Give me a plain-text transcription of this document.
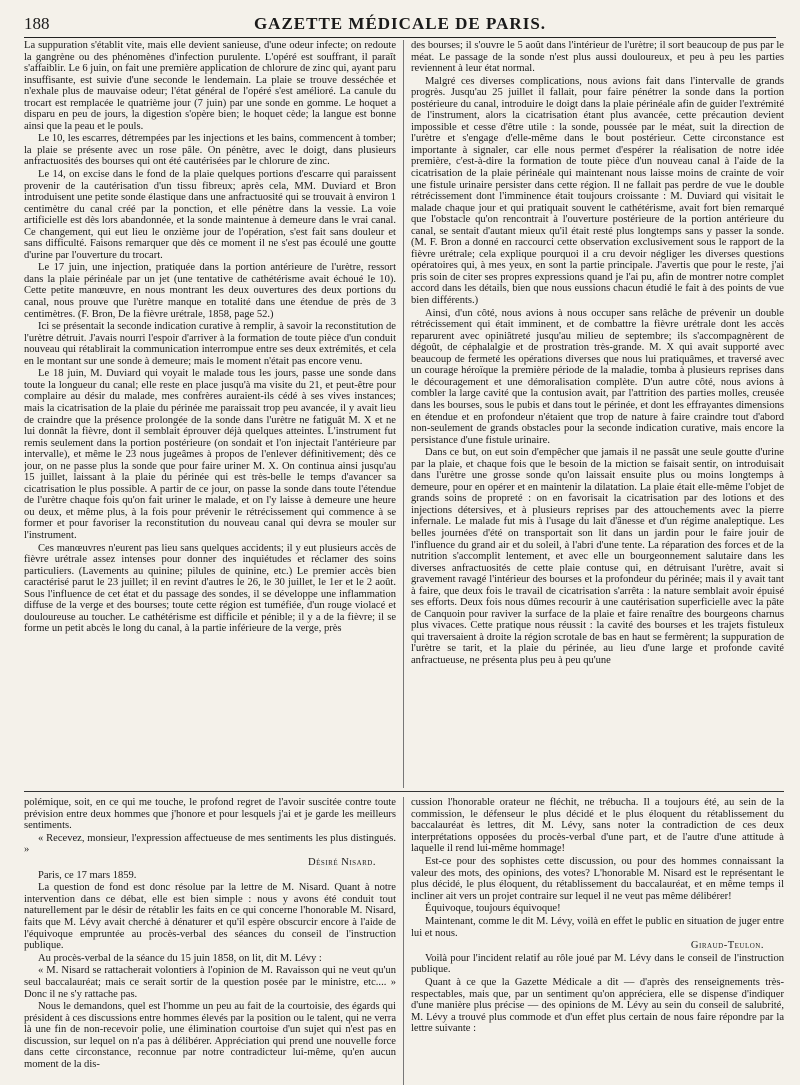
188	GAZETTE MÉDICALE DE PARIS.

La suppuration s'établit vite, mais elle devient sanieuse, d'une odeur infecte; on redoute la gangrène ou des phénomènes d'infection purulente. L'opéré est souffrant, il paraît s'affaiblir. Le 6 juin, on fait une première application de chlorure de zinc qui, ayant paru insuffisante, est suivie d'une seconde le lendemain. La plaie se trouve desséchée et n'exhale plus de mauvaise odeur; l'état général de l'opéré s'est amélioré. La canule du trocart est remplacée le quatrième jour (7 juin) par une sonde en gomme. Le hoquet a disparu en peu de jours, la digestion s'opère bien; le hoquet cède; la langue est bonne ainsi que la peau et le pouls.

Le 10, les escarres, détrempées par les injections et les bains, commencent à tomber; la plaie se présente avec un rose pâle. On pénètre, avec le doigt, dans plusieurs anfractuosités des bourses qui ont été cautérisées par le chlorure de zinc.

Le 14, on excise dans le fond de la plaie quelques portions d'escarre qui paraissent provenir de la cautérisation d'un tissu fibreux; après cela, MM. Duviard et Bron introduisent une petite sonde élastique dans une anfractuosité qui se trouvait à environ 1 centimètre du canal créé par la ponction, et elle pénètre dans la vessie. La voie artificielle est dès lors abandonnée, et la sonde maintenue à demeure dans le vrai canal. Ce changement, qui eut lieu le onzième jour de l'opération, s'est fait sans douleur et sans difficulté. Faisons remarquer que dès ce moment il ne s'est pas écoulé une goutte d'urine par l'ouverture du trocart.

Le 17 juin, une injection, pratiquée dans la portion antérieure de l'urètre, ressort dans la plaie périnéale par un jet (une tentative de cathétérisme avait échoué le 10). Cette petite manœuvre, en nous montrant les deux ouvertures des deux portions du canal, nous prouve que l'urètre manque en totalité dans une étendue de près de 3 centimètres. (F. Bron, De la fièvre urétrale, 1858, page 52.)

Ici se présentait la seconde indication curative à remplir, à savoir la reconstitution de l'urètre détruit. J'avais nourri l'espoir d'arriver à la formation de toute pièce d'un conduit nouveau qui rétablirait la communication interrompue entre ses deux extrémités, et cela en le montant sur une sonde à demeure; mais le moment n'était pas encore venu.

Le 18 juin, M. Duviard qui voyait le malade tous les jours, passe une sonde dans toute la longueur du canal; elle reste en place jusqu'à ma visite du 21, et peut-être pour complaire au désir du malade, mes confrères auraient-ils cédé à ses vives instances; mais la cicatrisation de la plaie du périnée me paraissait trop peu avancée, il y avait lieu de craindre que la présence prolongée de la sonde dans l'urètre ne fatiguât M. X et ne lui donnât la fièvre, dont il semblait éprouver déjà quelques atteintes. L'instrument fut remis seulement dans la portion postérieure (on sondait et l'on injectait l'antérieure par intervalle), et même le 23 nous jugeâmes à propos de l'enlever définitivement; dès ce jour, on ne passe plus la sonde que pour faire uriner M. X. On continua ainsi jusqu'au 15 juillet, laissant à la plaie du périnée qui est très-belle le temps d'avancer sa cicatrisation le plus possible. A partir de ce jour, on passe la sonde dans toute l'étendue de l'urètre chaque fois qu'on fait uriner le malade, et on l'y laisse à demeure une heure ou deux, et même plus, à la fois pour prévenir le rétrécissement qui commence à se former et pour favoriser la reconstitution du nouveau canal qui devra se mouler sur l'instrument.

Ces manœuvres n'eurent pas lieu sans quelques accidents; il y eut plusieurs accès de fièvre urétrale assez intenses pour donner des inquiétudes et réclamer des soins particuliers. (Lavements au quinine; pilules de quinine, etc.) Le premier accès bien caractérisé parut le 23 juillet; il en revint d'autres le 26, le 30 juillet, le 1er et le 2 août. Sous l'influence de cet état et du passage des sondes, il se développe une inflammation diffuse de la verge et des bourses; toute cette région est tuméfiée, d'un rouge violacé et douloureuse au toucher. Le cathétérisme est difficile et pénible; il y a de la fièvre; il se forme un petit abcès le long du canal, à la partie inférieure de la verge, près

des bourses; il s'ouvre le 5 août dans l'intérieur de l'urètre; il sort beaucoup de pus par le méat. Le passage de la sonde n'est plus aussi douloureux, et peu à peu les parties reviennent à leur état normal.

Malgré ces diverses complications, nous avions fait dans l'intervalle de grands progrès. Jusqu'au 25 juillet il fallait, pour faire pénétrer la sonde dans la portion postérieure du canal, introduire le doigt dans la plaie périnéale afin de guider l'extrémité de l'instrument, alors la cicatrisation étant plus avancée, cette précaution devient impossible et cesse d'être utile : la sonde, poussée par le méat, suit la direction de l'urètre et s'engage d'elle-même dans le bout postérieur. Cette circonstance est importante à signaler, car elle nous permet d'espérer la réalisation de notre idée première, c'est-à-dire la formation de toute pièce d'un nouveau canal à l'aide de la cicatrisation de la plaie périnéale qui maintenant nous laisse moins de crainte de voir une fistule urinaire persister dans cette région. Il ne fallait pas perdre de vue le double rétrécissement dont l'imminence était toujours croissante : M. Duviard qui visitait le malade chaque jour et qui pratiquait souvent le cathétérisme, avait fort bien remarqué que l'obstacle qu'on rencontrait à l'ouverture postérieure de la portion antérieure du canal, se sentait d'autant mieux qu'il était resté plus longtemps sans y passer la sonde. (M. F. Bron a donné en raccourci cette observation exclusivement sous le rapport de la fièvre urétrale; cela explique pourquoi il a cru devoir négliger les diverses questions opératoires qui, à mes yeux, en sont la partie principale. J'avertis que pour le reste, j'ai pris soin de citer ses propres expressions quand je l'ai pu, afin de montrer notre complet accord dans les détails, bien que nous eussions chacun étudié le fait à des points de vue bien différents.)

Ainsi, d'un côté, nous avions à nous occuper sans relâche de prévenir un double rétrécissement qui était imminent, et de combattre la fièvre urétrale dont les accès reparurent avec opiniâtreté jusqu'au milieu de septembre; ils s'accompagnèrent de dégoût, de céphalalgie et de prostration très-grande. M. X qui avait supporté avec beaucoup de fermeté les opérations diverses que nous lui pratiquâmes, et traversé avec un courage héroïque la première période de la maladie, tomba à plusieurs reprises dans le découragement et une démoralisation complète. D'un autre côté, nous avions à combler la large cavité que la contusion avait, par l'attrition des parties molles, creusée dans les bourses, sous le pubis et dans tout le périnée, et dont les effrayantes dimensions en étendue et en profondeur n'étaient que trop de nature à faire craindre tout d'abord non-seulement de grands obstacles pour la seconde indication curative, mais encore la persistance d'une fistule urinaire.

Dans ce but, on eut soin d'empêcher que jamais il ne passât une seule goutte d'urine par la plaie, et chaque fois que le besoin de la miction se faisait sentir, on introduisait dans l'urètre une grosse sonde qu'on laissait ensuite plus ou moins longtemps à demeure, pour en opérer et en maintenir la dilatation. La plaie était elle-même l'objet de grands soins de propreté : on en favorisait la cicatrisation par des lotions et des injections détersives, et à plusieurs reprises par des attouchements avec la pierre infernale. Le malade fut mis à l'usage du lait d'ânesse et d'un régime analeptique. Les belles journées d'été on transportait son lit dans un jardin pour le faire jouir de l'influence du grand air et du soleil, à l'abri d'une tente. La réparation des forces et de la nutrition s'accomplit lentement, et avec elle un bourgeonnement salutaire dans les diverses anfractuosités de cette plaie contuse qui, en détruisant l'urètre, avait si gravement ravagé l'intérieur des bourses et la profondeur du périnée; mais il y avait tant à faire, que deux fois le travail de cicatrisation s'arrêta : la nature semblait avoir épuisé ses efforts. Deux fois nous dûmes recourir à une cautérisation superficielle avec la pâte de Canquoin pour raviver la surface de la plaie et faire renaître des bourgeons charnus plus vivaces. Cette pratique nous réussit : la cavité des bourses et les trajets fistuleux qui traversaient à droite la région scrotale de bas en haut se fermèrent; la suppuration de l'urètre se tarit, et la plaie du périnée, au lieu d'une large et profonde cavité anfractueuse, ne présenta plus peu à peu qu'une

polémique, soit, en ce qui me touche, le profond regret de l'avoir suscitée contre toute prévision entre deux hommes que j'honore et pour lesquels j'ai et je garde les meilleurs sentiments.

« Recevez, monsieur, l'expression affectueuse de mes sentiments les plus distingués. »

Désiré Nisard.

Paris, ce 17 mars 1859.

La question de fond est donc résolue par la lettre de M. Nisard. Quant à notre intervention dans ce débat, elle est bien simple : nous y avons été conduit tout naturellement par le désir de rétablir les faits en ce qui concerne l'honorable M. Nisard, faits que M. Lévy avait cherché à dénaturer et qu'il espère obscurcir encore à l'aide de l'équivoque empruntée au procès-verbal des séances du conseil de l'instruction publique.

Au procès-verbal de la séance du 15 juin 1858, on lit, dit M. Lévy :

« M. Nisard se rattacherait volontiers à l'opinion de M. Ravaisson qui ne veut qu'un seul baccalauréat; mais ce serait sortir de la question posée par le ministre, etc.... » Donc il ne s'y rattache pas.

Nous le demandons, quel est l'homme un peu au fait de la courtoisie, des égards qui président à ces discussions entre hommes élevés par la position ou le talent, qui ne verra là une fin de non-recevoir polie, une élimination courtoise d'un sujet qui n'est pas en discussion, sur lequel on n'a pas à délibérer. Appréciation qui prend une nouvelle force dans cette circonstance, reconnue par notre contradicteur lui-même, qu'en aucun moment de la dis-

cussion l'honorable orateur ne fléchit, ne trébucha. Il a toujours été, au sein de la commission, le défenseur le plus décidé et le plus éloquent du rétablissement du baccalauréat ès lettres, dit M. Lévy, sans noter la contradiction de ces deux interprétations opposées du procès-verbal d'une part, et de l'autre d'une attitude à laquelle il rend lui-même hommage!

Est-ce pour des sophistes cette discussion, ou pour des hommes connaissant la valeur des mots, des opinions, des votes? L'honorable M. Nisard est le représentant le plus décidé, le plus éloquent, du rétablissement du baccalauréat, et en même temps il incliner ait vers un projet contraire sur lequel il ne veut pas même délibérer!

Équivoque, toujours équivoque!

Maintenant, comme le dit M. Lévy, voilà en effet le public en situation de juger entre lui et nous.

Giraud-Teulon.

Voilà pour l'incident relatif au rôle joué par M. Lévy dans le conseil de l'instruction publique.

Quant à ce que la Gazette Médicale a dit — d'après des renseignements très-respectables, mais que, par un sentiment qu'on appréciera, elle se dispense d'indiquer d'une manière plus précise — des opinions de M. Lévy au sein du conseil de salubrité, M. Lévy a trouvé plus commode et d'un effet plus certain de nous faire répondre par la lettre suivante :
